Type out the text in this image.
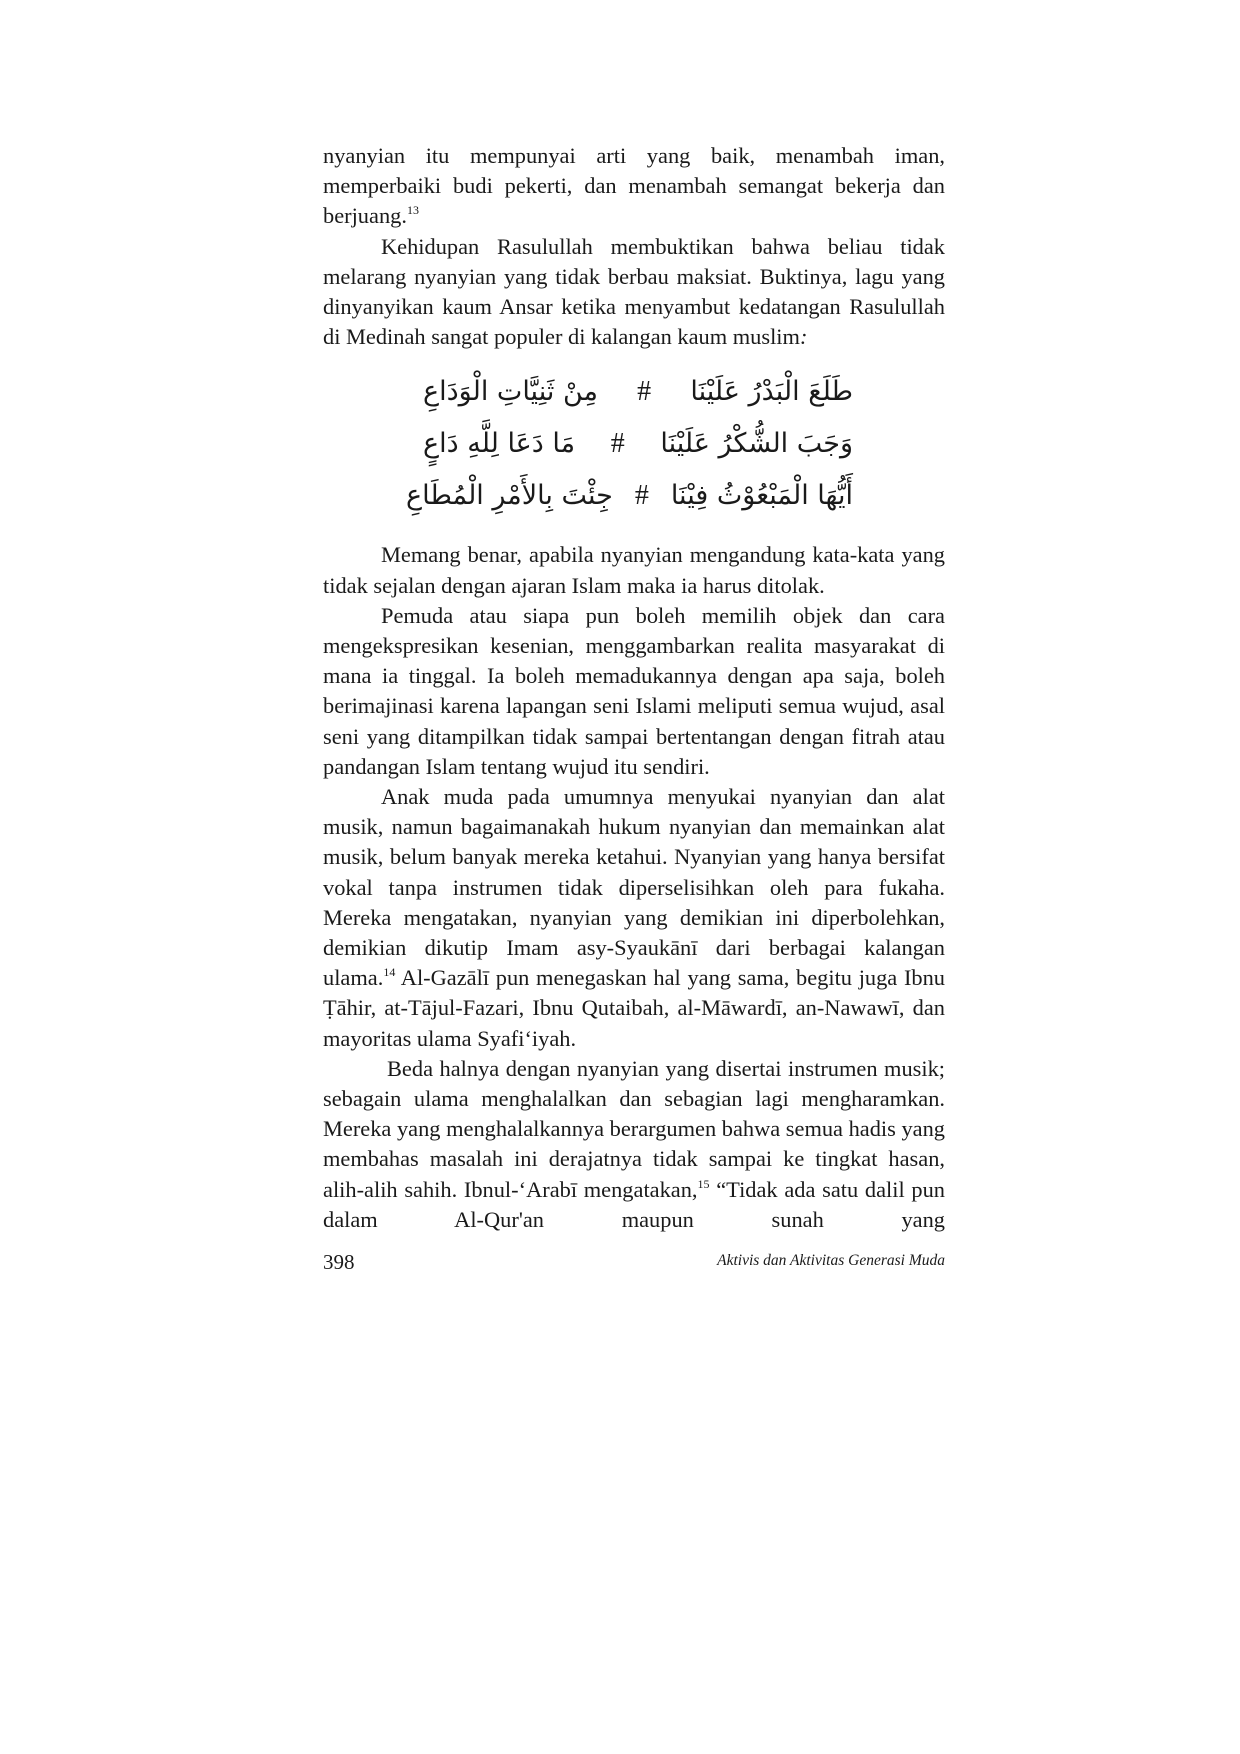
nyanyian itu mempunyai arti yang baik, menambah iman, memperbaiki budi pekerti, dan menambah semangat bekerja dan berjuang.$^{13}$

Kehidupan Rasulullah membuktikan bahwa beliau tidak melarang nyanyian yang tidak berbau maksiat. Buktinya, lagu yang dinyanyikan kaum Ansar ketika menyambut kedatangan Rasulullah di Medinah sangat populer di kalangan kaum muslim:

طَلَعَ الْبَدْرُ عَلَيْنَا
#
مِنْ ثَنِيَّاتِ الْوَدَاعِ
وَجَبَ الشُّكْرُ عَلَيْنَا
#
مَا دَعَا لِلَّهِ دَاعٍ
أَيُّهَا الْمَبْعُوْثُ فِيْنَا
#
جِئْتَ بِالأَمْرِ الْمُطَاعِ

Memang benar, apabila nyanyian mengandung kata-kata yang tidak sejalan dengan ajaran Islam maka ia harus ditolak.

Pemuda atau siapa pun boleh memilih objek dan cara mengekspresikan kesenian, menggambarkan realita masyarakat di mana ia tinggal. Ia boleh memadukannya dengan apa saja, boleh berimajinasi karena lapangan seni Islami meliputi semua wujud, asal seni yang ditampilkan tidak sampai bertentangan dengan fitrah atau pandangan Islam tentang wujud itu sendiri.

Anak muda pada umumnya menyukai nyanyian dan alat musik, namun bagaimanakah hukum nyanyian dan memainkan alat musik, belum banyak mereka ketahui. Nyanyian yang hanya bersifat vokal tanpa instrumen tidak diperselisihkan oleh para fukaha. Mereka mengatakan, nyanyian yang demikian ini diperbolehkan, demikian dikutip Imam asy-Syaukānī dari berbagai kalangan ulama.$^{14}$ Al-Gazālī pun menegaskan hal yang sama, begitu juga Ibnu Ṭāhir, at-Tājul-Fazari, Ibnu Qutaibah, al-Māwardī, an-Nawawī, dan mayoritas ulama Syafi‘iyah.

Beda halnya dengan nyanyian yang disertai instrumen musik; sebagain ulama menghalalkan dan sebagian lagi mengharamkan. Mereka yang menghalalkannya berargumen bahwa semua hadis yang membahas masalah ini derajatnya tidak sampai ke tingkat hasan, alih-alih sahih. Ibnul-‘Arabī mengatakan,$^{15}$ “Tidak ada satu dalil pun dalam Al-Qur'an maupun sunah yang

398	Aktivis dan Aktivitas Generasi Muda
